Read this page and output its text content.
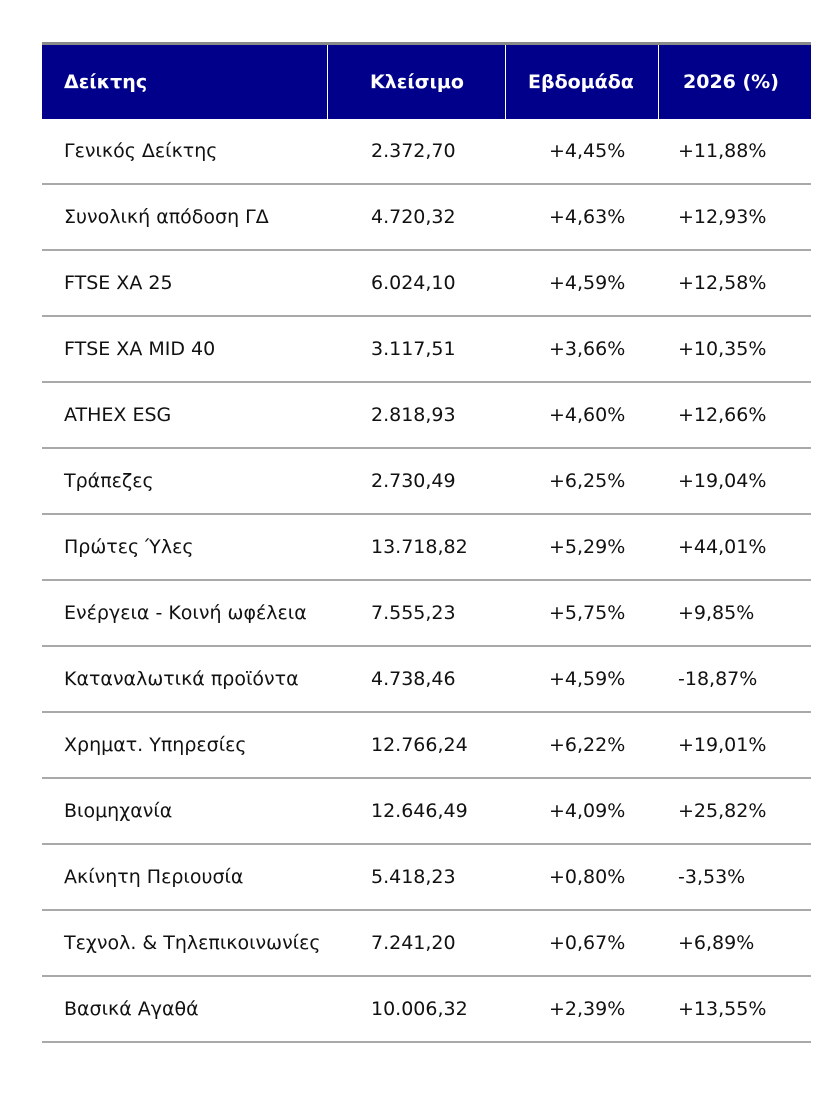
Δείκτης	Κλείσιμο	Εβδομάδα	2026 (%)
Γενικός Δείκτης	2.372,70	+4,45%	+11,88%
Συνολική απόδοση ΓΔ	4.720,32	+4,63%	+12,93%
FTSE ΧΑ 25	6.024,10	+4,59%	+12,58%
FTSE ΧΑ MID 40	3.117,51	+3,66%	+10,35%
ATHEX ESG	2.818,93	+4,60%	+12,66%
Τράπεζες	2.730,49	+6,25%	+19,04%
Πρώτες Ύλες	13.718,82	+5,29%	+44,01%
Ενέργεια - Κοινή ωφέλεια	7.555,23	+5,75%	+9,85%
Καταναλωτικά προϊόντα	4.738,46	+4,59%	-18,87%
Χρηματ. Υπηρεσίες	12.766,24	+6,22%	+19,01%
Βιομηχανία	12.646,49	+4,09%	+25,82%
Ακίνητη Περιουσία	5.418,23	+0,80%	-3,53%
Τεχνολ. & Τηλεπικοινωνίες	7.241,20	+0,67%	+6,89%
Βασικά Αγαθά	10.006,32	+2,39%	+13,55%
